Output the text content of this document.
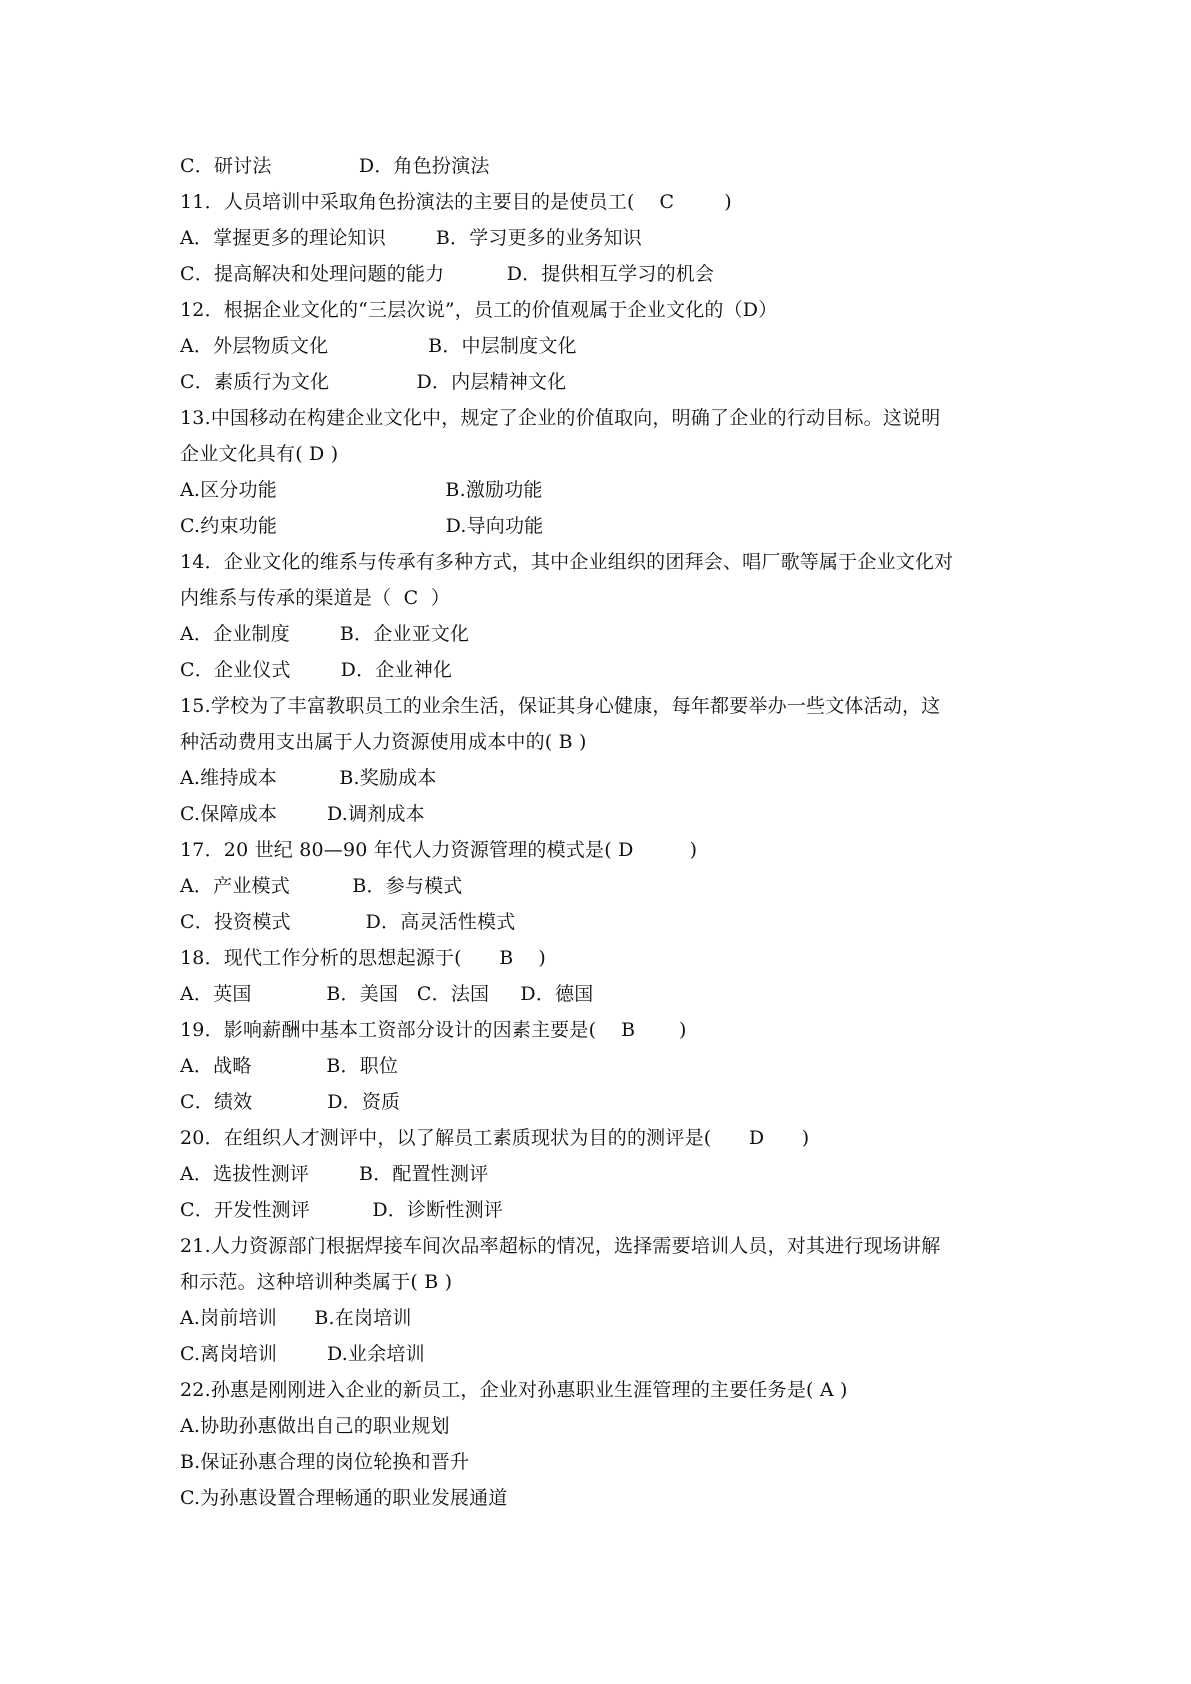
C．研讨法              D．角色扮演法
11．人员培训中采取角色扮演法的主要目的是使员工(    C        )
A．掌握更多的理论知识        B．学习更多的业务知识
C．提高解决和处理问题的能力          D．提供相互学习的机会
12．根据企业文化的“三层次说”，员工的价值观属于企业文化的（D）
A．外层物质文化                B．中层制度文化
C．素质行为文化              D．内层精神文化
13.中国移动在构建企业文化中，规定了企业的价值取向，明确了企业的行动目标。这说明
企业文化具有( D )
A.区分功能                           B.激励功能
C.约束功能                           D.导向功能
14．企业文化的维系与传承有多种方式，其中企业组织的团拜会、唱厂歌等属于企业文化对
内维系与传承的渠道是（  C  ）
A．企业制度        B．企业亚文化
C．企业仪式        D．企业神化
15.学校为了丰富教职员工的业余生活，保证其身心健康，每年都要举办一些文体活动，这
种活动费用支出属于人力资源使用成本中的( B )
A.维持成本          B.奖励成本
C.保障成本        D.调剂成本
17．20 世纪 80—90 年代人力资源管理的模式是( D         )
A．产业模式          B．参与模式
C．投资模式            D．高灵活性模式
18．现代工作分析的思想起源于(      B    )
A．英国            B．美国   C．法国     D．德国
19．影响薪酬中基本工资部分设计的因素主要是(    B       )
A．战略            B．职位
C．绩效            D．资质
20．在组织人才测评中，以了解员工素质现状为目的的测评是(      D      )
A．选拔性测评        B．配置性测评
C．开发性测评          D．诊断性测评
21.人力资源部门根据焊接车间次品率超标的情况，选择需要培训人员，对其进行现场讲解
和示范。这种培训种类属于( B )
A.岗前培训      B.在岗培训
C.离岗培训        D.业余培训
22.孙惠是刚刚进入企业的新员工，企业对孙惠职业生涯管理的主要任务是( A )
A.协助孙惠做出自己的职业规划
B.保证孙惠合理的岗位轮换和晋升
C.为孙惠设置合理畅通的职业发展通道
